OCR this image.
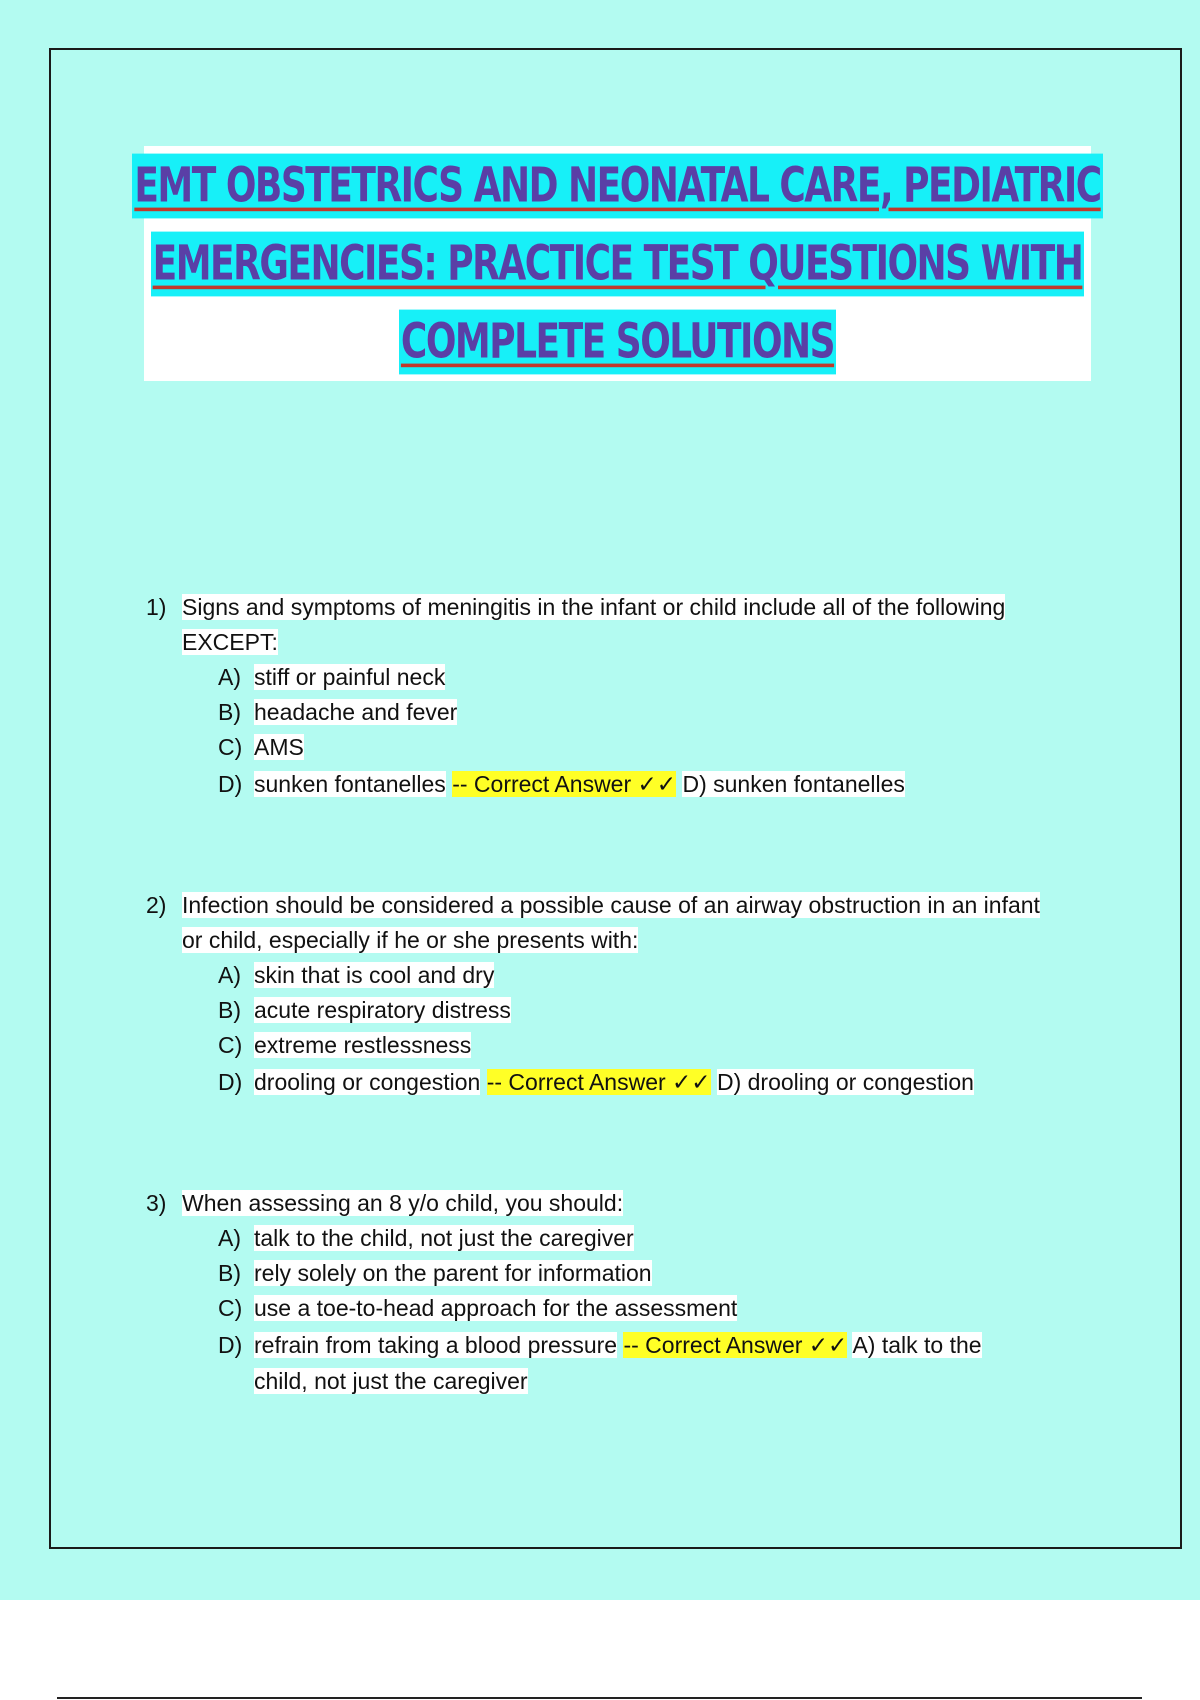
EMT OBSTETRICS AND NEONATAL CARE, PEDIATRIC
EMERGENCIES: PRACTICE TEST QUESTIONS WITH
COMPLETE SOLUTIONS
1) Signs and symptoms of meningitis in the infant or child include all of the following
EXCEPT:
A) stiff or painful neck
B) headache and fever
C) AMS
D) sunken fontanelles -- Correct Answer ✓✓ D) sunken fontanelles
2) Infection should be considered a possible cause of an airway obstruction in an infant
or child, especially if he or she presents with:
A) skin that is cool and dry
B) acute respiratory distress
C) extreme restlessness
D) drooling or congestion -- Correct Answer ✓✓ D) drooling or congestion
3) When assessing an 8 y/o child, you should:
A) talk to the child, not just the caregiver
B) rely solely on the parent for information
C) use a toe-to-head approach for the assessment
D) refrain from taking a blood pressure -- Correct Answer ✓✓ A) talk to the
child, not just the caregiver
